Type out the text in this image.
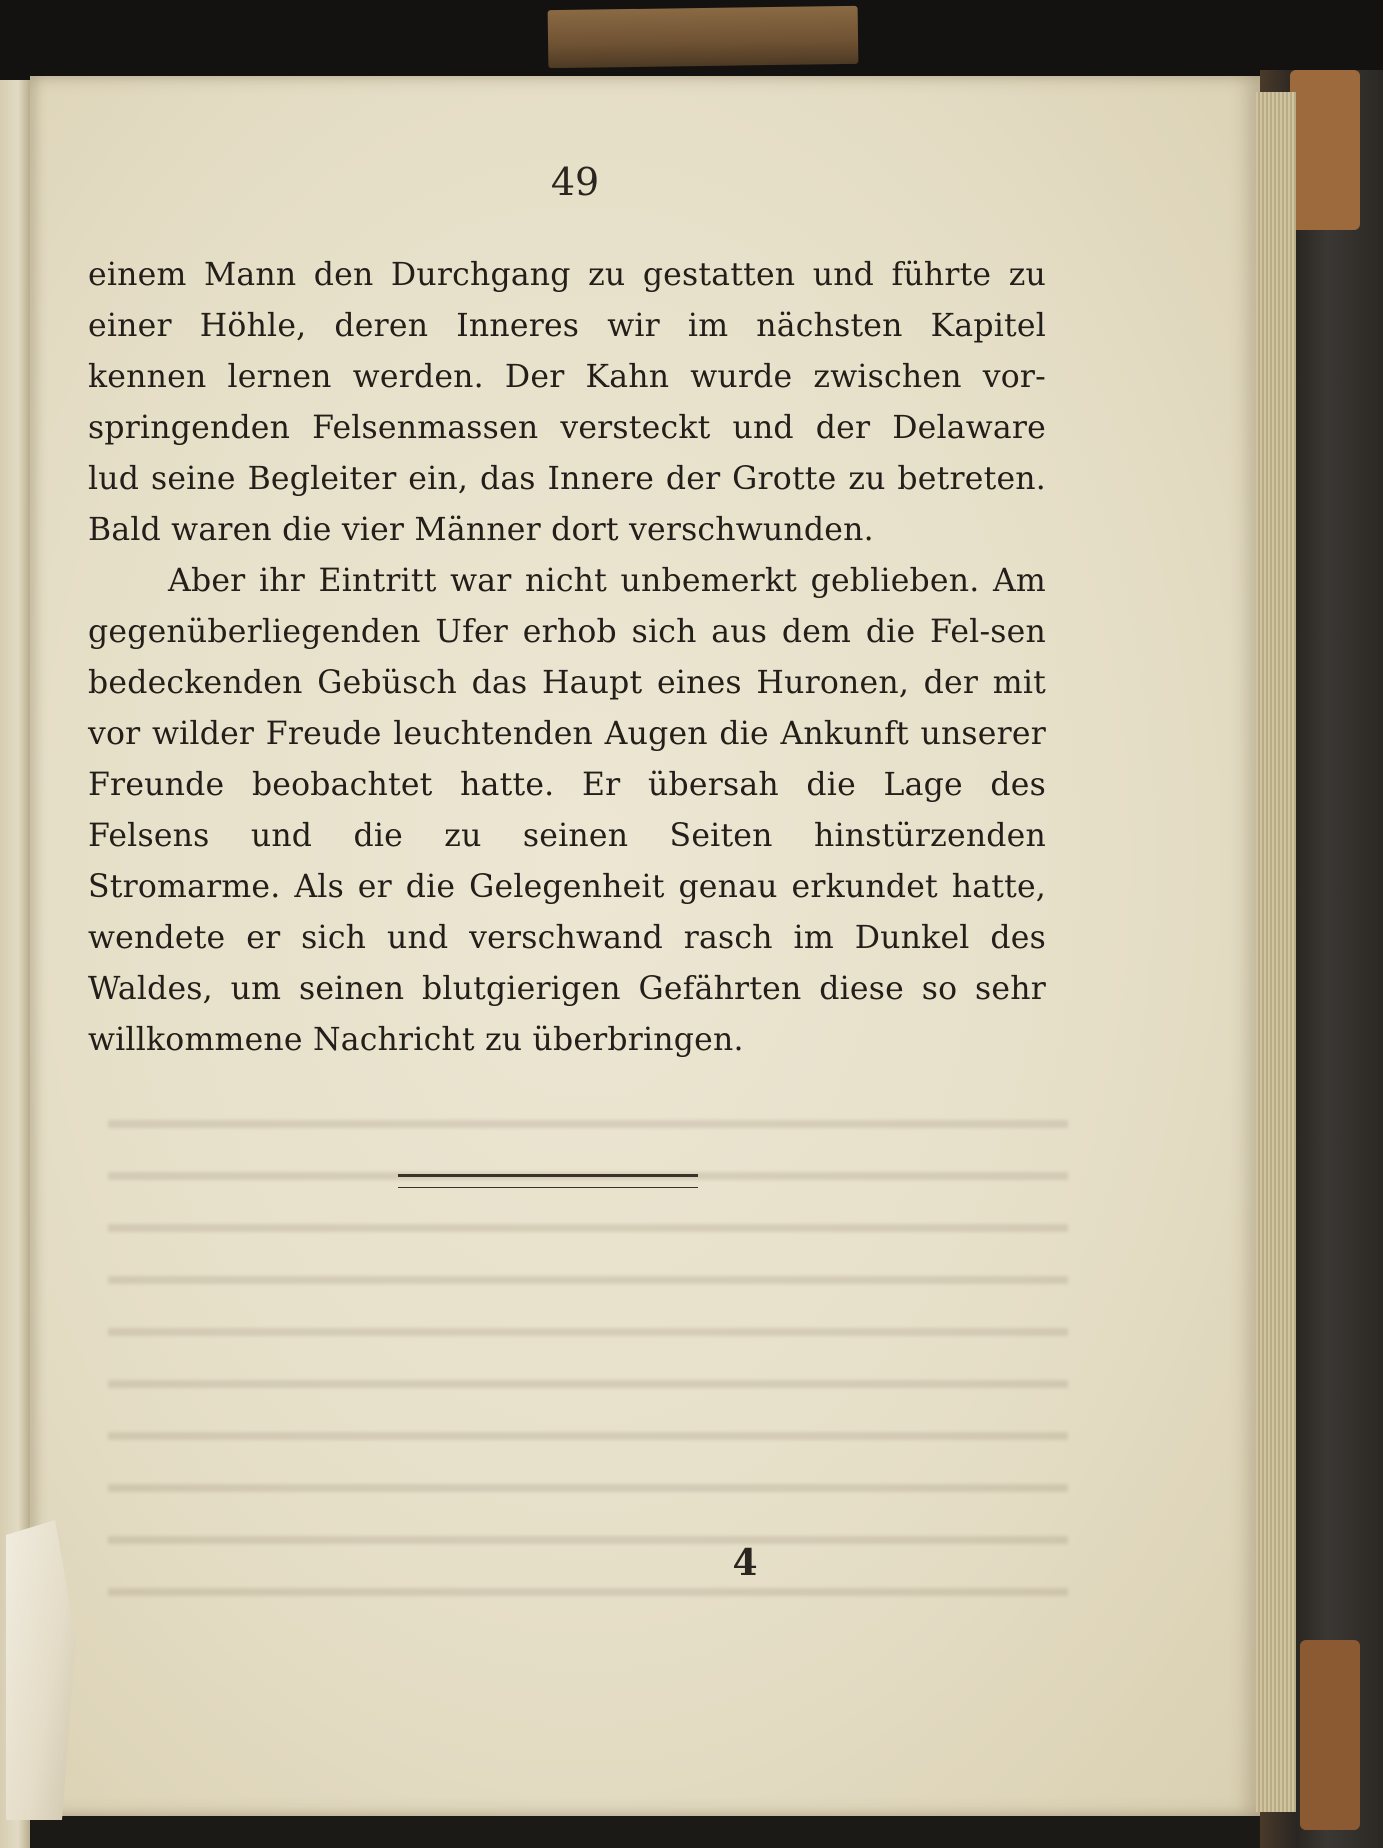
49

einem Mann den Durchgang zu gestatten und führte zu einer Höhle, deren Inneres wir im nächsten Kapitel kennen lernen werden. Der Kahn wurde zwischen vor-springenden Felsenmassen versteckt und der Delaware lud seine Begleiter ein, das Innere der Grotte zu betreten. Bald waren die vier Männer dort verschwunden.

Aber ihr Eintritt war nicht unbemerkt geblieben. Am gegenüberliegenden Ufer erhob sich aus dem die Fel-sen bedeckenden Gebüsch das Haupt eines Huronen, der mit vor wilder Freude leuchtenden Augen die Ankunft unserer Freunde beobachtet hatte. Er übersah die Lage des Felsens und die zu seinen Seiten hinstürzenden Stromarme. Als er die Gelegenheit genau erkundet hatte, wendete er sich und verschwand rasch im Dunkel des Waldes, um seinen blutgierigen Gefährten diese so sehr willkommene Nachricht zu überbringen.

4
